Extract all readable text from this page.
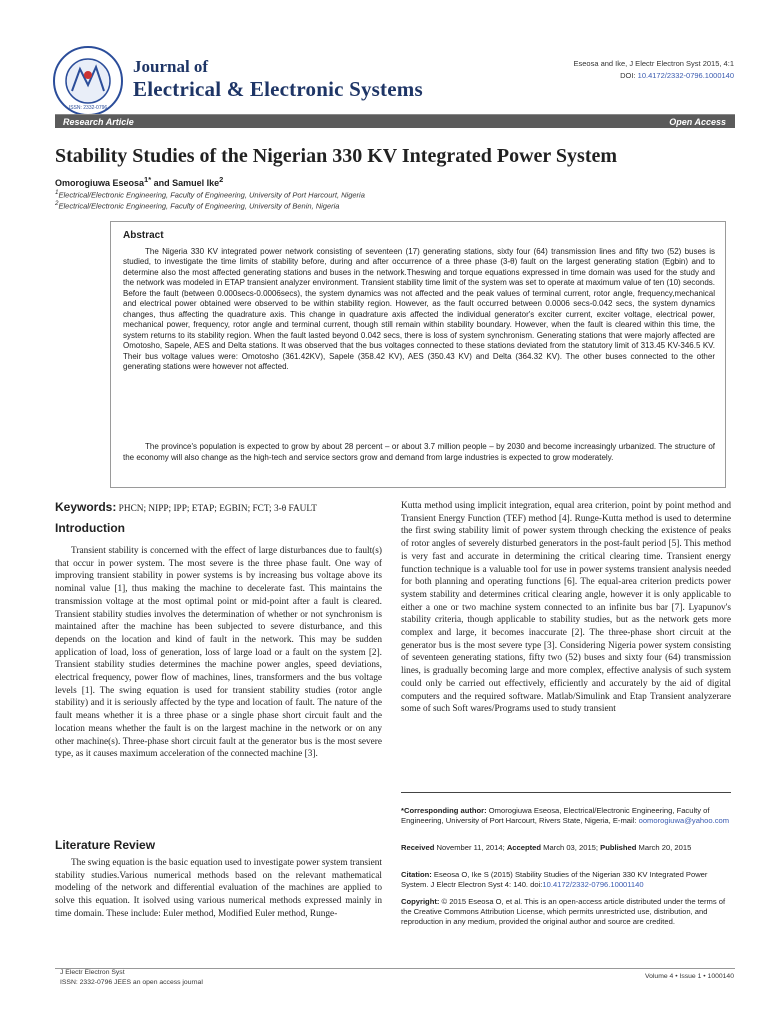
ISSN: 2332-0796
Journal of
Electrical & Electronic Systems
Eseosa and Ike, J Electr Electron Syst 2015, 4:1
DOI: 10.4172/2332-0796.1000140
Research Article	Open Access
Stability Studies of the Nigerian 330 KV Integrated Power System
Omorogiuwa Eseosa$^{1*}$ and Samuel Ike$^2$
$^1$Electrical/Electronic Engineering, Faculty of Engineering, University of Port Harcourt, Nigeria
$^2$Electrical/Electronic Engineering, Faculty of Engineering, University of Benin, Nigeria
Abstract

The Nigeria 330 KV integrated power network consisting of seventeen (17) generating stations, sixty four (64) transmission lines and fifty two (52) buses is studied, to investigate the time limits of stability before, during and after occurrence of a three phase (3-θ) fault on the largest generating station (Egbin) and to determine also the most affected generating stations and buses in the network.Theswing and torque equations expressed in time domain was used for the study and the network was modeled in ETAP transient analyzer environment. Transient stability time limit of the system was set to operate at maximum value of ten (10) seconds. Before the fault (between 0.000secs-0.0006secs), the system dynamics was not affected and the peak values of terminal current, rotor angle, frequency,mechanical and electrical power obtained were observed to be within stability region. However, as the fault occurred between 0.0006 secs-0.042 secs, the system dynamics changes, thus affecting the quadrature axis. This change in quadrature axis affected the individual generator's exciter current, exciter voltage, electrical power, mechanical power, frequency, rotor angle and terminal current, though still remain within stability boundary. However, when the fault is cleared within this time, the system returns to its stability region. When the fault lasted beyond 0.042 secs, there is loss of system synchronism. Generating stations that were majorly affected are Omotosho, Sapele, AES and Delta stations. It was observed that the bus voltages connected to these stations deviated from the statutory limit of 313.45 KV-346.5 KV. Their bus voltage values were: Omotosho (361.42KV), Sapele (358.42 KV), AES (350.43 KV) and Delta (364.32 KV). The other buses connected to the other generating stations were however not affected.

The province's population is expected to grow by about 28 percent – or about 3.7 million people – by 2030 and become increasingly urbanized. The structure of the economy will also change as the high-tech and service sectors grow and demand from large industries is expected to grow moderately.

Keywords: PHCN; NIPP; IPP; ETAP; EGBIN; FCT; 3-θ FAULT
Introduction

Transient stability is concerned with the effect of large disturbances due to fault(s) that occur in power system. The most severe is the three phase fault. One way of improving transient stability in power systems is by increasing bus voltage above its nominal value [1], thus making the machine to decelerate fast. This maintains the transmission voltage at the most optimal point or mid-point after a fault is cleared. Transient stability studies involves the determination of whether or not synchronism is maintained after the machine has been subjected to severe disturbance, and this depends on the location and kind of fault in the network. This may be sudden application of load, loss of generation, loss of large load or a fault on the system [2]. Transient stability studies determines the machine power angles, speed deviations, electrical frequency, power flow of machines, lines, transformers and the bus voltage levels [1]. The swing equation is used for transient stability studies (rotor angle stability) and it is seriously affected by the type and location of fault. The nature of the fault means whether it is a three phase or a single phase short circuit fault and the location means whether the fault is on the largest machine in the network or on any other machine(s). Three-phase short circuit fault at the generator bus is the most severe type, as it causes maximum acceleration of the connected machine [3].

Literature Review

The swing equation is the basic equation used to investigate power system transient stability studies.Various numerical methods based on the relevant mathematical modeling of the network and differential evaluation of the machines are applied to solve this equation. It isolved using various numerical methods expressed mainly in time domain. These include: Euler method, Modified Euler method, Runge-

Kutta method using implicit integration, equal area criterion, point by point method and Transient Energy Function (TEF) method [4]. Runge-Kutta method is used to determine the first swing stability limit of power system through checking the existence of peaks of rotor angles of severely disturbed generators in the post-fault period [5]. This method is very fast and accurate in determining the critical clearing time. Transient energy function technique is a valuable tool for use in power systems transient analysis needed for both planning and operating functions [6]. The equal-area criterion predicts power system stability and determines critical clearing angle, however it is only applicable to either a one or two machine system connected to an infinite bus bar [7]. Lyapunov's stability criteria, though applicable to stability studies, but as the network gets more complex and large, it becomes inaccurate [2]. The three-phase short circuit at the generator bus is the most severe type [3]. Considering Nigeria power system consisting of seventeen generating stations, fifty two (52) buses and sixty four (64) transmission lines, is gradually becoming large and more complex, effective analysis of such system could only be carried out effectively, efficiently and accurately by the aid of digital computers and the required software. Matlab/Simulink and Etap Transient analyzerare some of such Soft wares/Programs used to study transient

*Corresponding author: Omorogiuwa Eseosa, Electrical/Electronic Engineering, Faculty of Engineering, University of Port Harcourt, Rivers State, Nigeria, E-mail: oomorogiuwa@yahoo.com
Received November 11, 2014; Accepted March 03, 2015; Published March 20, 2015
Citation: Eseosa O, Ike S (2015) Stability Studies of the Nigerian 330 KV Integrated Power System. J Electr Electron Syst 4: 140. doi:10.4172/2332-0796.10001140
Copyright: © 2015 Eseosa O, et al. This is an open-access article distributed under the terms of the Creative Commons Attribution License, which permits unrestricted use, distribution, and reproduction in any medium, provided the original author and source are credited.
J Electr Electron Syst
ISSN: 2332-0796 JEES an open access journal
Volume 4 • Issue 1 • 1000140
